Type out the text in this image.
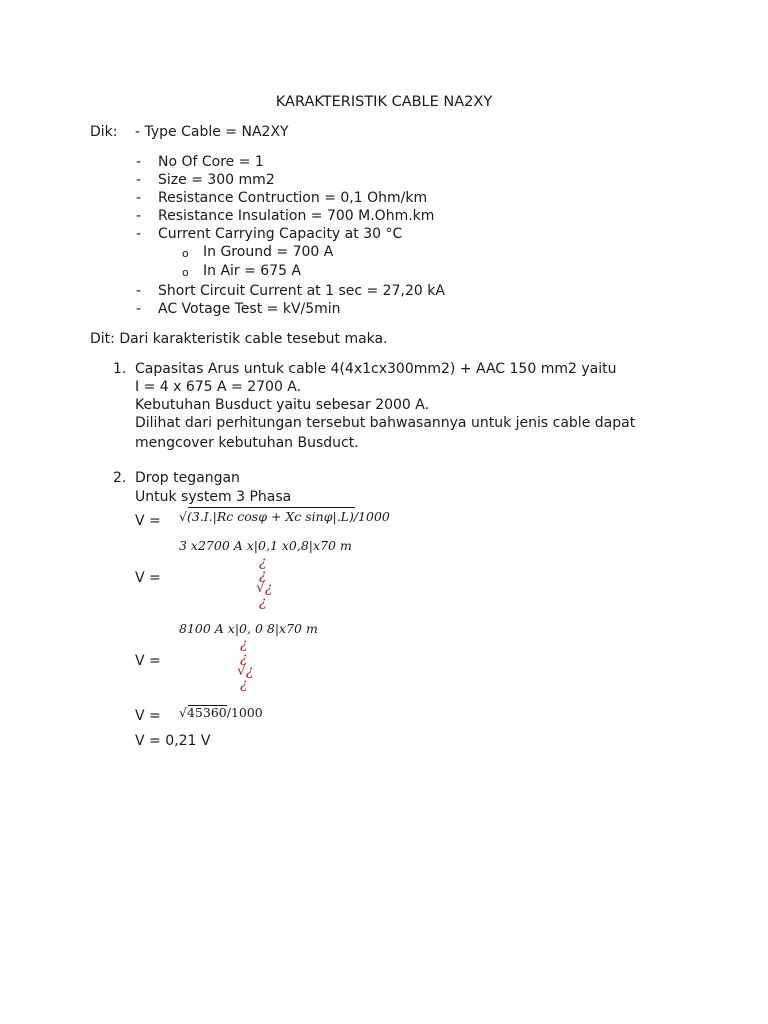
KARAKTERISTIK CABLE NA2XY
Dik: - Type Cable = NA2XY
- No Of Core = 1
- Size = 300 mm2
- Resistance Contruction = 0,1 Ohm/km
- Resistance Insulation = 700 M.Ohm.km
- Current Carrying Capacity at 30 °C
o In Ground = 700 A
o In Air = 675 A
- Short Circuit Current at 1 sec = 27,20 kA
- AC Votage Test = kV/5min
Dit: Dari karakteristik cable tesebut maka.
1. Capasitas Arus untuk cable 4(4x1cx300mm2) + AAC 150 mm2 yaitu
I = 4 x 675 A = 2700 A.
Kebutuhan Busduct yaitu sebesar 2000 A.
Dilihat dari perhitungan tersebut bahwasannya untuk jenis cable dapat
mengcover kebutuhan Busduct.
2. Drop tegangan
Untuk system 3 Phasa
V = √(3.I.|Rc cosφ + Xc sinφ|.L)/1000
3 x2700 A x|0,1 x0,8|x70 m
¿
¿
V =
√¿
¿
8100 A x|0, 0 8|x70 m
¿
V =	¿
√¿
¿
V = √45360/1000
V = 0,21 V
